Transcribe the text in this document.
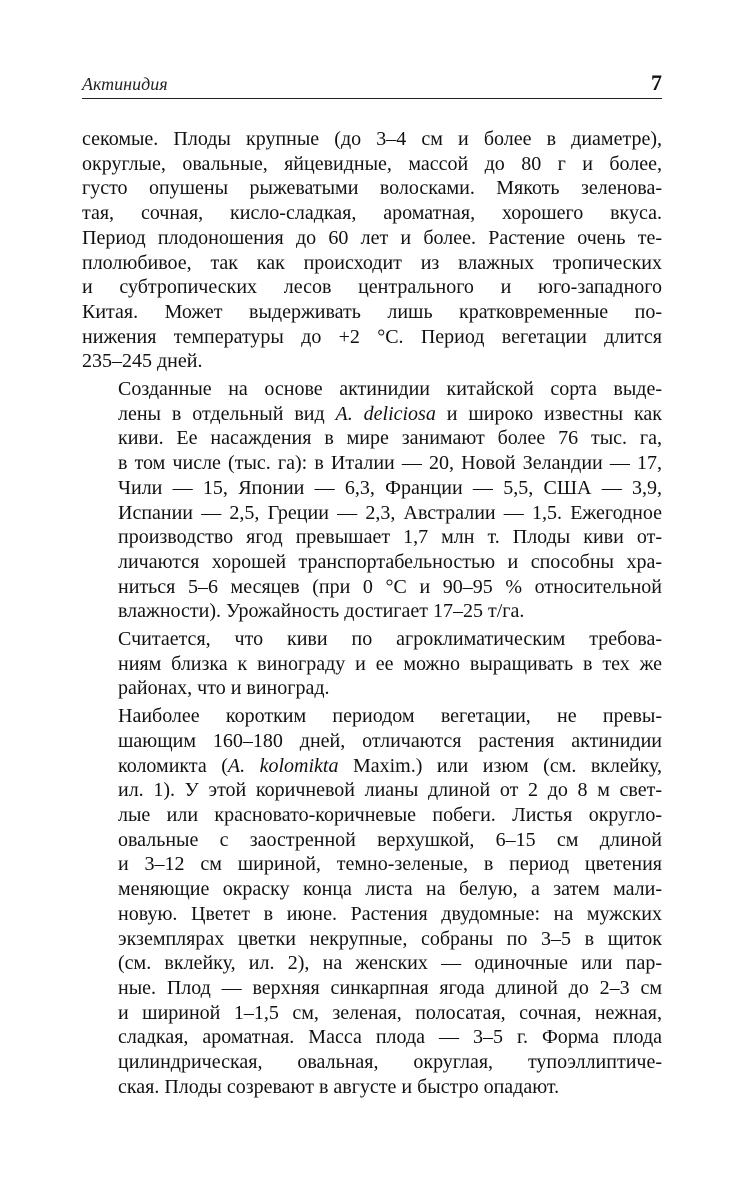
Актинидия	7

секомые. Плоды крупные (до 3–4 см и более в диаметре),
округлые, овальные, яйцевидные, массой до 80 г и более,
густо опушены рыжеватыми волосками. Мякоть зеленова-
тая, сочная, кисло-сладкая, ароматная, хорошего вкуса.
Период плодоношения до 60 лет и более. Растение очень те-
плолюбивое, так как происходит из влажных тропических
и субтропических лесов центрального и юго-западного
Китая. Может выдерживать лишь кратковременные по-
нижения температуры до +2 °С. Период вегетации длится
235–245 дней.

Созданные на основе актинидии китайской сорта выде-
лены в отдельный вид A. deliciosa и широко известны как
киви. Ее насаждения в мире занимают более 76 тыс. га,
в том числе (тыс. га): в Италии — 20, Новой Зеландии — 17,
Чили — 15, Японии — 6,3, Франции — 5,5, США — 3,9,
Испании — 2,5, Греции — 2,3, Австралии — 1,5. Ежегодное
производство ягод превышает 1,7 млн т. Плоды киви от-
личаются хорошей транспортабельностью и способны хра-
ниться 5–6 месяцев (при 0 °С и 90–95 % относительной
влажности). Урожайность достигает 17–25 т/га.

Считается, что киви по агроклиматическим требова-
ниям близка к винограду и ее можно выращивать в тех же
районах, что и виноград.

Наиболее коротким периодом вегетации, не превы-
шающим 160–180 дней, отличаются растения актинидии
коломикта (A. kolomikta Maxim.) или изюм (см. вклейку,
ил. 1). У этой коричневой лианы длиной от 2 до 8 м свет-
лые или красновато-коричневые побеги. Листья округло-
овальные с заостренной верхушкой, 6–15 см длиной
и 3–12 см шириной, темно-зеленые, в период цветения
меняющие окраску конца листа на белую, а затем мали-
новую. Цветет в июне. Растения двудомные: на мужских
экземплярах цветки некрупные, собраны по 3–5 в щиток
(см. вклейку, ил. 2), на женских — одиночные или пар-
ные. Плод — верхняя синкарпная ягода длиной до 2–3 см
и шириной 1–1,5 см, зеленая, полосатая, сочная, нежная,
сладкая, ароматная. Масса плода — 3–5 г. Форма плода
цилиндрическая, овальная, округлая, тупоэллиптиче-
ская. Плоды созревают в августе и быстро опадают.
